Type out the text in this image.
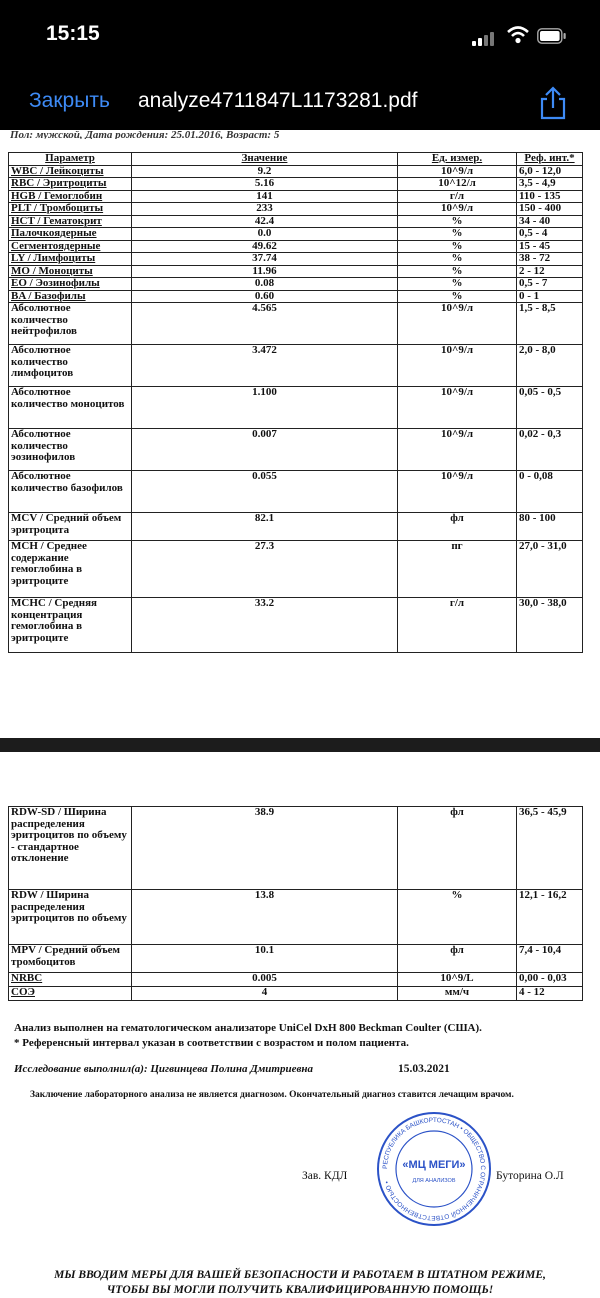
15:15
Закрыть analyze4711847L1173281.pdf
Пол: мужской, Дата рождения: 25.01.2016, Возраст: 5
Параметр	Значение	Ед. измер.	Реф. инт.*
WBC / Лейкоциты	9.2	10^9/л	6,0 - 12,0
RBC / Эритроциты	5.16	10^12/л	3,5 - 4,9
HGB / Гемоглобин	141	г/л	110 - 135
PLT / Тромбоциты	233	10^9/л	150 - 400
HCT / Гематокрит	42.4	%	34 - 40
Палочкоядерные	0.0	%	0,5 - 4
Сегментоядерные	49.62	%	15 - 45
LY / Лимфоциты	37.74	%	38 - 72
MO / Моноциты	11.96	%	2 - 12
EO / Эозинофилы	0.08	%	0,5 - 7
BA / Базофилы	0.60	%	0 - 1
Абсолютное количество нейтрофилов	4.565	10^9/л	1,5 - 8,5
Абсолютное количество лимфоцитов	3.472	10^9/л	2,0 - 8,0
Абсолютное количество моноцитов	1.100	10^9/л	0,05 - 0,5
Абсолютное количество эозинофилов	0.007	10^9/л	0,02 - 0,3
Абсолютное количество базофилов	0.055	10^9/л	0 - 0,08
MCV / Средний объем эритроцита	82.1	фл	80 - 100
MCH / Среднее содержание гемоглобина в эритроците	27.3	пг	27,0 - 31,0
MCHC / Средняя концентрация гемоглобина в эритроците	33.2	г/л	30,0 - 38,0
RDW-SD / Ширина распределения эритроцитов по объему - стандартное отклонение	38.9	фл	36,5 - 45,9
RDW / Ширина распределения эритроцитов по объему	13.8	%	12,1 - 16,2
MPV / Средний объем тромбоцитов	10.1	фл	7,4 - 10,4
NRBC	0.005	10^9/L	0,00 - 0,03
СОЭ	4	мм/ч	4 - 12
Анализ выполнен на гематологическом анализаторе UniCel DxH 800 Beckman Coulter (США).
* Референсный интервал указан в соответствии с возрастом и полом пациента.
Исследование выполнил(а): Цигвинцева Полина Дмитриевна	15.03.2021
Заключение лабораторного анализа не является диагнозом. Окончательный диагноз ставится лечащим врачом.
Зав. КДЛ	Буторина О.Л
РЕСПУБЛИКА БАШКОРТОСТАН • ОБЩЕСТВО С ОГРАНИЧЕННОЙ ОТВЕТСТВЕННОСТЬЮ •
«МЦ МЕГИ»
ДЛЯ АНАЛИЗОВ
МЫ ВВОДИМ МЕРЫ ДЛЯ ВАШЕЙ БЕЗОПАСНОСТИ И РАБОТАЕМ В ШТАТНОМ РЕЖИМЕ,
ЧТОБЫ ВЫ МОГЛИ ПОЛУЧИТЬ КВАЛИФИЦИРОВАННУЮ ПОМОЩЬ!
